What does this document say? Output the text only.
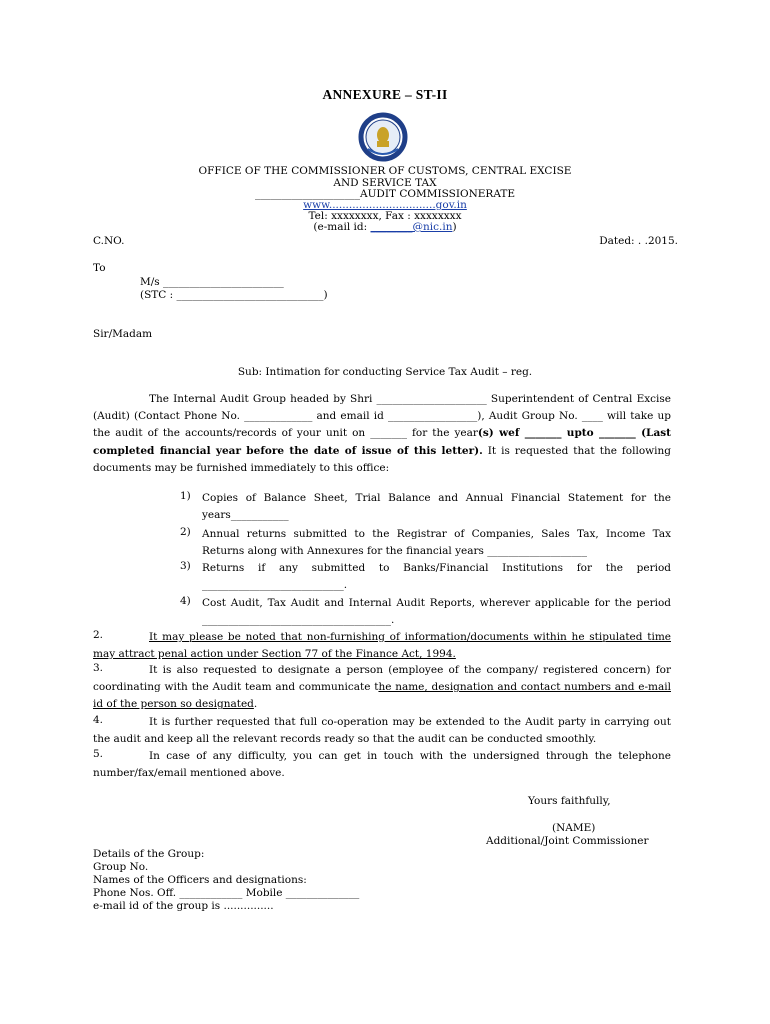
ANNEXURE – ST-II
OFFICE OF THE COMMISSIONER OF CUSTOMS, CENTRAL EXCISE
AND SERVICE TAX
____________________AUDIT COMMISSIONERATE
www................................gov.in
Tel: xxxxxxxx, Fax : xxxxxxxx
(e-mail id: ________@nic.in)
C.NO.	Dated: . .2015.
To
M/s _______________________
(STC : ____________________________)
Sir/Madam
Sub: Intimation for conducting Service Tax Audit – reg.
The Internal Audit Group headed by Shri _____________________ Superintendent of Central Excise (Audit) (Contact Phone No. _____________ and email id _________________), Audit Group No. ____ will take up the audit of the accounts/records of your unit on _______ for the year(s) wef _______ upto _______ (Last completed financial year before the date of issue of this letter). It is requested that the following documents may be furnished immediately to this office:
1) Copies of Balance Sheet, Trial Balance and Annual Financial Statement for the years___________
2) Annual returns submitted to the Registrar of Companies, Sales Tax, Income Tax Returns along with Annexures for the financial years ___________________
3) Returns if any submitted to Banks/Financial Institutions for the period ___________________________.
4) Cost Audit, Tax Audit and Internal Audit Reports, wherever applicable for the period ____________________________________.
2.	It may please be noted that non-furnishing of information/documents within he stipulated time may attract penal action under Section 77 of the Finance Act, 1994.
3.	It is also requested to designate a person (employee of the company/ registered concern) for coordinating with the Audit team and communicate the name, designation and contact numbers and e-mail id of the person so designated.
4.	It is further requested that full co-operation may be extended to the Audit party in carrying out the audit and keep all the relevant records ready so that the audit can be conducted smoothly.
5.	In case of any difficulty, you can get in touch with the undersigned through the telephone number/fax/email mentioned above.
Yours faithfully,
(NAME)
Additional/Joint Commissioner
Details of the Group:
Group No.
Names of the Officers and designations:
Phone Nos. Off. ____________ Mobile ______________
e-mail id of the group is ...............
